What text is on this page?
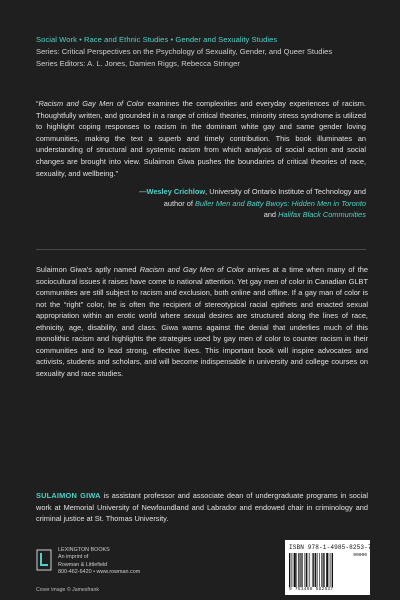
Social Work • Race and Ethnic Studies • Gender and Sexuality Studies
Series: Critical Perspectives on the Psychology of Sexuality, Gender, and Queer Studies
Series Editors: A. L. Jones, Damien Riggs, Rebecca Stringer
“Racism and Gay Men of Color examines the complexities and everyday experiences of racism. Thoughtfully written, and grounded in a range of critical theories, minority stress syndrome is utilized to highlight coping responses to racism in the dominant white gay and same gender loving communities, making the text a superb and timely contribution. This book illuminates an understanding of structural and systemic racism from which analysis of social action and social changes are brought into view. Sulaimon Giwa pushes the boundaries of critical theories of race, sexuality, and wellbeing.”
—Wesley Crichlow, University of Ontario Institute of Technology and
author of Buller Men and Batty Bwoys: Hidden Men in Toronto
and Halifax Black Communities
Sulaimon Giwa’s aptly named Racism and Gay Men of Color arrives at a time when many of the sociocultural issues it raises have come to national attention. Yet gay men of color in Canadian GLBT communities are still subject to racism and exclusion, both online and offline. If a gay man of color is not the “right” color, he is often the recipient of stereotypical racial epithets and enacted sexual appropriation within an erotic world where sexual desires are structured along the lines of race, ethnicity, age, disability, and class. Giwa warns against the denial that underlies much of this monolithic racism and highlights the strategies used by gay men of color to counter racism in their communities and to lead strong, effective lives. This important book will inspire advocates and activists, students and scholars, and will become indispensable in university and college courses on sexuality and race studies.
SULAIMON GIWA is assistant professor and associate dean of undergraduate programs in social work at Memorial University of Newfoundland and Labrador and endowed chair in criminology and criminal justice at St. Thomas University.
LEXINGTON BOOKS
An imprint of
Rowman & Littlefield
800-462-6420 • www.rowman.com
Cover image © Jamesfrank
ISBN 978-1-4985-8253-7
90000
9 781498 582537
